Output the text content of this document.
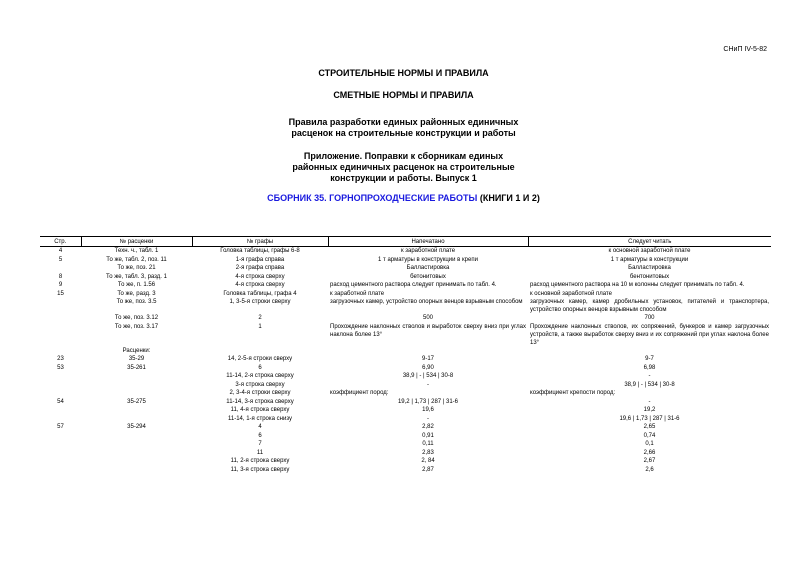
СНиП IV-5-82
СТРОИТЕЛЬНЫЕ НОРМЫ И ПРАВИЛА
СМЕТНЫЕ НОРМЫ И ПРАВИЛА
Правила разработки единых районных единичных
расценок на строительные конструкции и работы
Приложение. Поправки к сборникам единых
районных единичных расценок на строительные
конструкции и работы. Выпуск 1
СБОРНИК 35. ГОРНОПРОХОДЧЕСКИЕ РАБОТЫ (КНИГИ 1 И 2)
Стр.	№ расценки	№ графы	Напечатано	Следует читать
4	Техн. ч., табл. 1	Головка таблицы, графы 6-8	к заработной плате	к основной заработной плате
5	То же, табл. 2, поз. 11	1-я графа справа	1 т арматуры в конструкции в крепи	1 т арматуры в конструкции
	То же, поз. 21	2-я графа справа	Балластировка	Балластировка
8	То же, табл. 3, разд. 1	4-я строка сверху	бетонитовых	бентонитовых
9	То же, п. 1.56	4-я строка сверху	расход цементного раствора следует принимать по табл. 4.	расход цементного раствора на 10 м колонны следует принимать по табл. 4.
15	То же, разд. 3	Головка таблицы, графа 4	к заработной плате	к основной заработной плате
	То же, поз. 3.5	1, 3-5-я строки сверху	загрузочных камер, устройство опорных венцов взрывным способом	загрузочных камер, камер дробильных установок, питателей и транспортера, устройство опорных венцов взрывным способом
	То же, поз. 3.12	2	500	700
	То же, поз. 3.17	1	Прохождение наклонных стволов и выработок сверху вниз при углах наклона более 13°	Прохождение наклонных стволов, их сопряжений, бункеров и камер загрузочных устройств, а также выработок сверху вниз и их сопряжений при углах наклона более 13°
	Расценки:			
23	35-29	14, 2-5-я строки сверху	9-17	9-7
53	35-261	6	6,90	6,98
		11-14, 2-я строка сверху	38,9 | - | 534 | 30-8	-
		3-я строка сверху	-	38,9 | - | 534 | 30-8
		2, 3-4-я строки сверху	коэффициент пород:	коэффициент крепости пород:
54	35-275	11-14, 3-я строка сверху	19,2 | 1,73 | 287 | 31-6	-
		11, 4-я строка сверху	19,6	19,2
		11-14, 1-я строка снизу	-	19,6 | 1,73 | 287 | 31-6
57	35-294	4	2,82	2,65
		6	0,91	0,74
		7	0,11	0,1
		11	2,83	2,66
		11, 2-я строка сверху	2, 84	2,67
		11, 3-я строка сверху	2,87	2,6
